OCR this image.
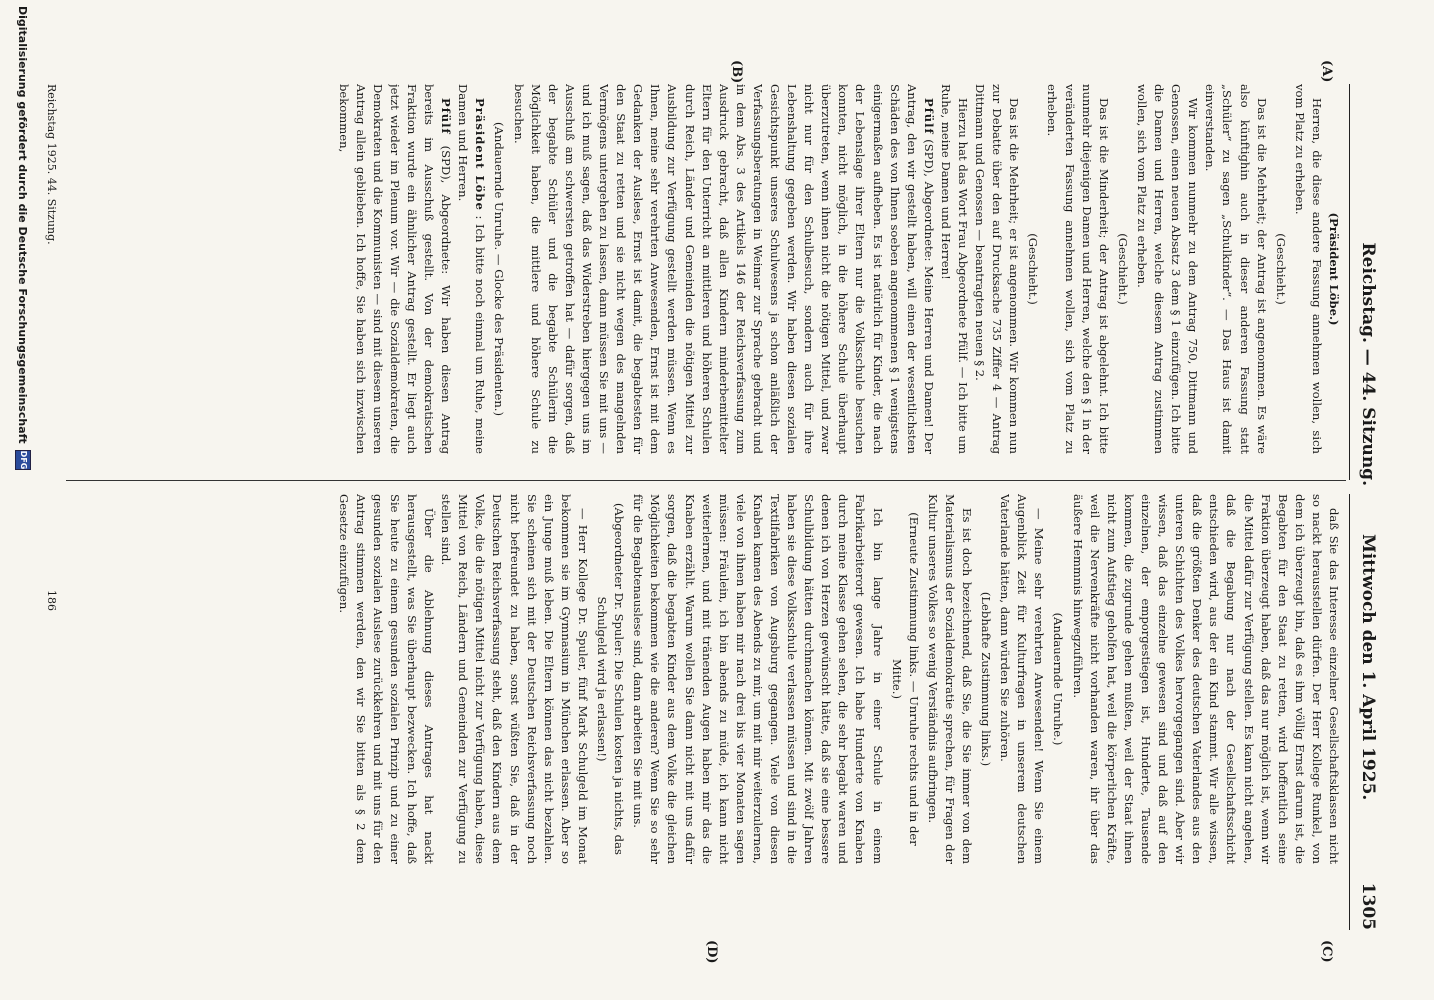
Reichstag. — 44. Sitzung.
Mittwoch den 1. April 1925.
1305
(A)
(B)
(C)
(D)

(Präsident Löbe.)

Herren, die diese andere Fassung annehmen wollen, sich vom Platz zu erheben.

(Geschieht.)

Das ist die Mehrheit; der Antrag ist angenommen. Es wäre also künftighin auch in dieser anderen Fassung statt „Schüler“ zu sagen „Schulkinder“. — Das Haus ist damit einverstanden.

Wir kommen nunmehr zu dem Antrag 750, Dittmann und Genossen, einen neuen Absatz 3 dem § 1 einzufügen. Ich bitte die Damen und Herren, welche diesem Antrag zustimmen wollen, sich vom Platz zu erheben.

(Geschieht.)

Das ist die Minderheit; der Antrag ist abgelehnt. Ich bitte nunmehr diejenigen Damen und Herren, welche den § 1 in der veränderten Fassung annehmen wollen, sich vom Platz zu erheben.

(Geschieht.)

Das ist die Mehrheit; er ist angenommen. Wir kommen nun zur Debatte über den auf Drucksache 735 Ziffer 4 — Antrag Dittmann und Genossen — beantragten neuen § 2.

Hierzu hat das Wort Frau Abgeordnete Pfülf. — Ich bitte um Ruhe, meine Damen und Herren!

Pfülf (SPD), Abgeordnete: Meine Herren und Damen! Der Antrag, den wir gestellt haben, will einen der wesentlichsten Schäden des von Ihnen soeben angenommenen § 1 wenigstens einigermaßen aufheben. Es ist natürlich für Kinder, die nach der Lebenslage ihrer Eltern nur die Volksschule besuchen konnten, nicht möglich, in die höhere Schule überhaupt überzutreten, wenn ihnen nicht die nötigen Mittel, und zwar nicht nur für den Schulbesuch, sondern auch für ihre Lebenshaltung gegeben werden. Wir haben diesen sozialen Gesichtspunkt unseres Schulwesens ja schon anläßlich der Verfassungsberatungen in Weimar zur Sprache gebracht und in dem Abs. 3 des Artikels 146 der Reichsverfassung zum Ausdruck gebracht, daß allen Kindern minderbemittelter Eltern für den Unterricht an mittleren und höheren Schulen durch Reich, Länder und Gemeinden die nötigen Mittel zur Ausbildung zur Verfügung gestellt werden müssen. Wenn es Ihnen, meine sehr verehrten Anwesenden, Ernst ist mit dem Gedanken der Auslese, Ernst ist damit, die begabtesten für den Staat zu retten und sie nicht wegen des mangelnden Vermögens untergehen zu lassen, dann müssen Sie mit uns — und ich muß sagen, daß das Widerstreben hiergegen uns im Ausschuß am schwersten getroffen hat — dafür sorgen, daß der begabte Schüler und die begabte Schülerin die Möglichkeit haben, die mittlere und höhere Schule zu besuchen.

(Andauernde Unruhe. — Glocke des Präsidenten.)

Präsident Löbe : Ich bitte noch einmal um Ruhe, meine Damen und Herren.

Pfülf (SPD), Abgeordnete: Wir haben diesen Antrag bereits im Ausschuß gestellt. Von der demokratischen Fraktion wurde ein ähnlicher Antrag gestellt. Er liegt auch jetzt wieder im Plenum vor. Wir — die Sozialdemokraten, die Demokraten und die Kommunisten — sind mit diesem unseren Antrag allein geblieben. Ich hoffe, Sie haben sich inzwischen bekommen,

daß Sie das Interesse einzelner Gesellschaftsklassen nicht so nackt herausstellen dürfen. Der Herr Kollege Runkel, von dem ich überzeugt bin, daß es ihm völlig Ernst darum ist, die Begabten für den Staat zu retten, wird hoffentlich seine Fraktion überzeugt haben, daß das nur möglich ist, wenn wir die Mittel dafür zur Verfügung stellen. Es kann nicht angehen, daß die Begabung nur nach der Gesellschaftsschicht entschieden wird, aus der ein Kind stammt. Wir alle wissen, daß die größten Denker des deutschen Vaterlandes aus den unteren Schichten des Volkes hervorgegangen sind. Aber wir wissen, daß das einzelne gewesen sind und daß auf den einzelnen, der emporgestiegen ist, Hunderte, Tausende kommen, die zugrunde gehen mußten, weil der Staat ihnen nicht zum Aufstieg geholfen hat, weil die körperlichen Kräfte, weil die Nervenkräfte nicht vorhanden waren, ihr über das äußere Hemmnis hinwegzuführen.

(Andauernde Unruhe.)

— Meine sehr verehrten Anwesenden! Wenn Sie einem Augenblick Zeit für Kulturfragen in unserem deutschen Vaterlande hätten, dann würden Sie zuhören.

(Lebhafte Zustimmung links.)

Es ist doch bezeichnend, daß Sie, die Sie immer von dem Materialismus der Sozialdemokratie sprechen, für Fragen der Kultur unseres Volkes so wenig Verständnis aufbringen.

(Erneute Zustimmung links. — Unruhe rechts und in der Mitte.)

Ich bin lange Jahre in einer Schule in einem Fabrikarbeiterort gewesen. Ich habe Hunderte von Knaben durch meine Klasse gehen sehen, die sehr begabt waren und denen ich von Herzen gewünscht hätte, daß sie eine bessere Schulbildung hätten durchmachen können. Mit zwölf Jahren haben sie diese Volksschule verlassen müssen und sind in die Textilfabriken von Augsburg gegangen. Viele von diesen Knaben kamen des Abends zu mir, um mit mir weiterzulernen, viele von ihnen haben mir nach drei bis vier Monaten sagen müssen: Fräulein, ich bin abends zu müde, ich kann nicht weiterlernen, und mit tränenden Augen haben mir das die Knaben erzählt. Warum wollen Sie dann nicht mit uns dafür sorgen, daß die begabten Kinder aus dem Volke die gleichen Möglichkeiten bekommen wie die anderen? Wenn Sie so sehr für die Begabtenauslese sind, dann arbeiten Sie mit uns.

(Abgeordneter Dr. Spuler: Die Schulen kosten ja nichts, das Schulgeld wird ja erlassen!)

— Herr Kollege Dr. Spuler, fünf Mark Schulgeld im Monat bekommen sie im Gymnasium in München erlassen. Aber so ein Junge muß leben. Die Eltern können das nicht bezahlen. Sie scheinen sich mit der Deutschen Reichsverfassung noch nicht befreundet zu haben, sonst wüßten Sie, daß in der Deutschen Reichsverfassung steht, daß den Kindern aus dem Volke, die die nötigen Mittel nicht zur Verfügung haben, diese Mittel von Reich, Ländern und Gemeinden zur Verfügung zu stellen sind.

Über die Ablehnung dieses Antrages hat nackt herausgestellt, was Sie überhaupt bezwecken. Ich hoffe, daß Sie heute zu einem gesunden sozialen Prinzip und zu einer gesunden sozialen Auslese zurückkehren und mit uns für den Antrag stimmen werden, den wir Sie bitten als § 2 dem Gesetze einzufügen.

Reichstag 1925. 44. Sitzung.
186
Digitalisierung gefördert durch die Deutsche Forschungsgemeinschaft
DFG
